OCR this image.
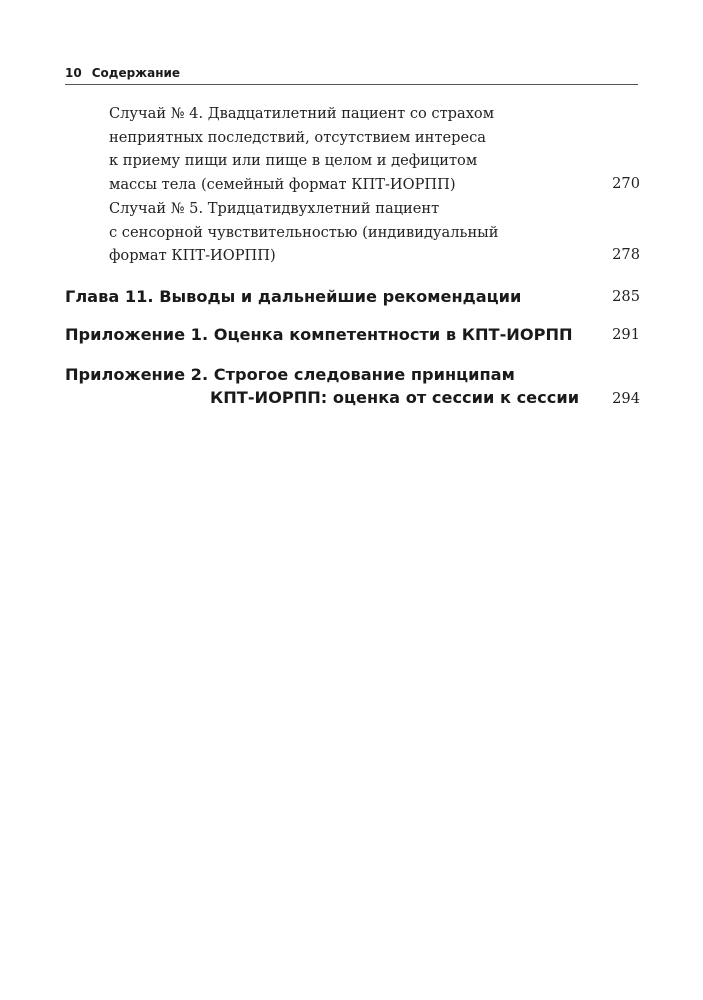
10 Содержание
Случай № 4. Двадцатилетний пациент со страхом
неприятных последствий, отсутствием интереса
к приему пищи или пище в целом и дефицитом
массы тела (семейный формат КПТ-ИОРПП)	270
Случай № 5. Тридцатидвухлетний пациент
с сенсорной чувствительностью (индивидуальный
формат КПТ-ИОРПП)	278
Глава 11. Выводы и дальнейшие рекомендации	285
Приложение 1. Оценка компетентности в КПТ-ИОРПП	291
Приложение 2. Строгое следование принципам
КПТ-ИОРПП: оценка от сессии к сессии	294
